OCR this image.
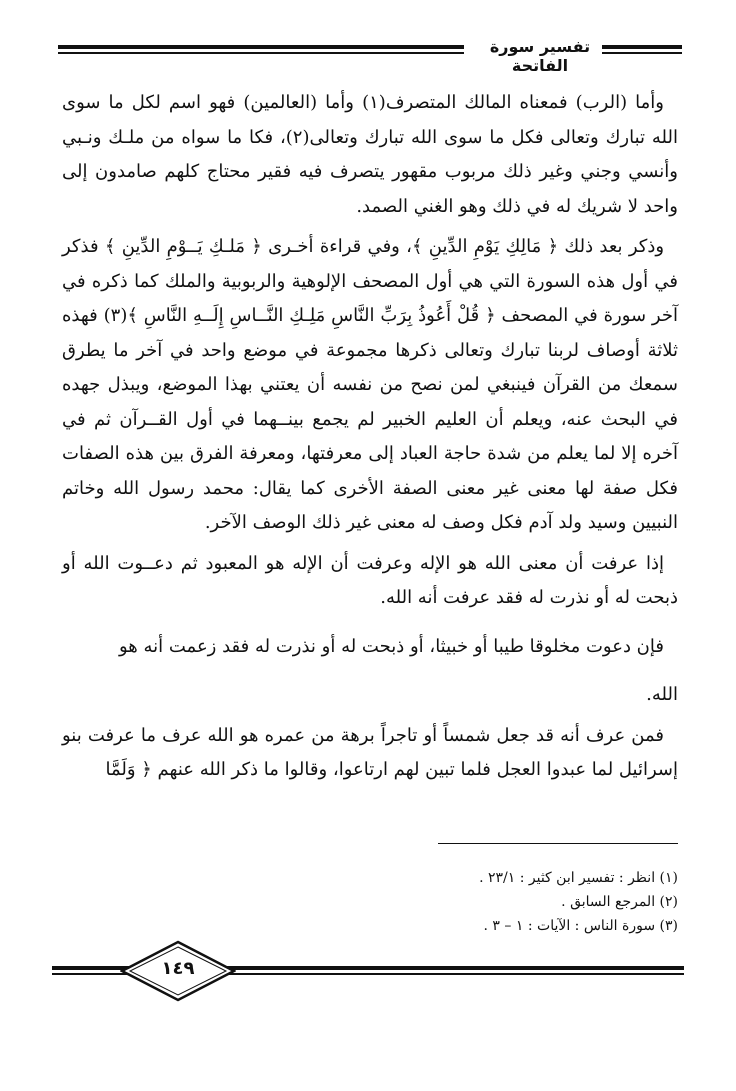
تفسير سورة الفاتحة

وأما (الرب) فمعناه المالك المتصرف(١) وأما (العالمين) فهو اسم لكل ما سوى الله تبارك وتعالى فكل ما سوى الله تبارك وتعالى(٢)، فكا ما سواه من ملـك ونـبي وأنسي وجني وغير ذلك مربوب مقهور يتصرف فيه فقير محتاج كلهم صامدون إلى واحد لا شريك له في ذلك وهو الغني الصمد.

وذكر بعد ذلك ﴿ مَالِكِ يَوْمِ الدِّينِ ﴾، وفي قراءة أخـرى ﴿ مَلـكِ يَــوْمِ الدِّينِ ﴾ فذكر في أول هذه السورة التي هي أول المصحف الإلوهية والربوبية والملك كما ذكره في آخر سورة في المصحف ﴿ قُلْ أَعُوذُ بِرَبِّ النَّاسِ مَلِـكِ النَّــاسِ إِلَــهِ النَّاسِ ﴾(٣) فهذه ثلاثة أوصاف لربنا تبارك وتعالى ذكرها مجموعة في موضع واحد في آخر ما يطرق سمعك من القرآن فينبغي لمن نصح من نفسه أن يعتني بهذا الموضع، ويبذل جهده في البحث عنه، ويعلم أن العليم الخبير لم يجمع بينــهما في أول القــرآن ثم في آخره إلا لما يعلم من شدة حاجة العباد إلى معرفتها، ومعرفة الفرق بين هذه الصفات فكل صفة لها معنى غير معنى الصفة الأخرى كما يقال: محمد رسول الله وخاتم النبيين وسيد ولد آدم فكل وصف له معنى غير ذلك الوصف الآخر.

إذا عرفت أن معنى الله هو الإله وعرفت أن الإله هو المعبود ثم دعــوت الله أو ذبحت له أو نذرت له فقد عرفت أنه الله.

فإن دعوت مخلوقا طيبا أو خبيثا، أو ذبحت له أو نذرت له فقد زعمت أنه هو
الله.

فمن عرف أنه قد جعل شمساً أو تاجراً برهة من عمره هو الله عرف ما عرفت بنو إسرائيل لما عبدوا العجل فلما تبين لهم ارتاعوا، وقالوا ما ذكر الله عنهم ﴿ وَلَمَّا

(١) انظر : تفسير ابن كثير : ٢٣/١ .

(٢) المرجع السابق .

(٣) سورة الناس : الآيات : ١ – ٣ .

١٤٩
